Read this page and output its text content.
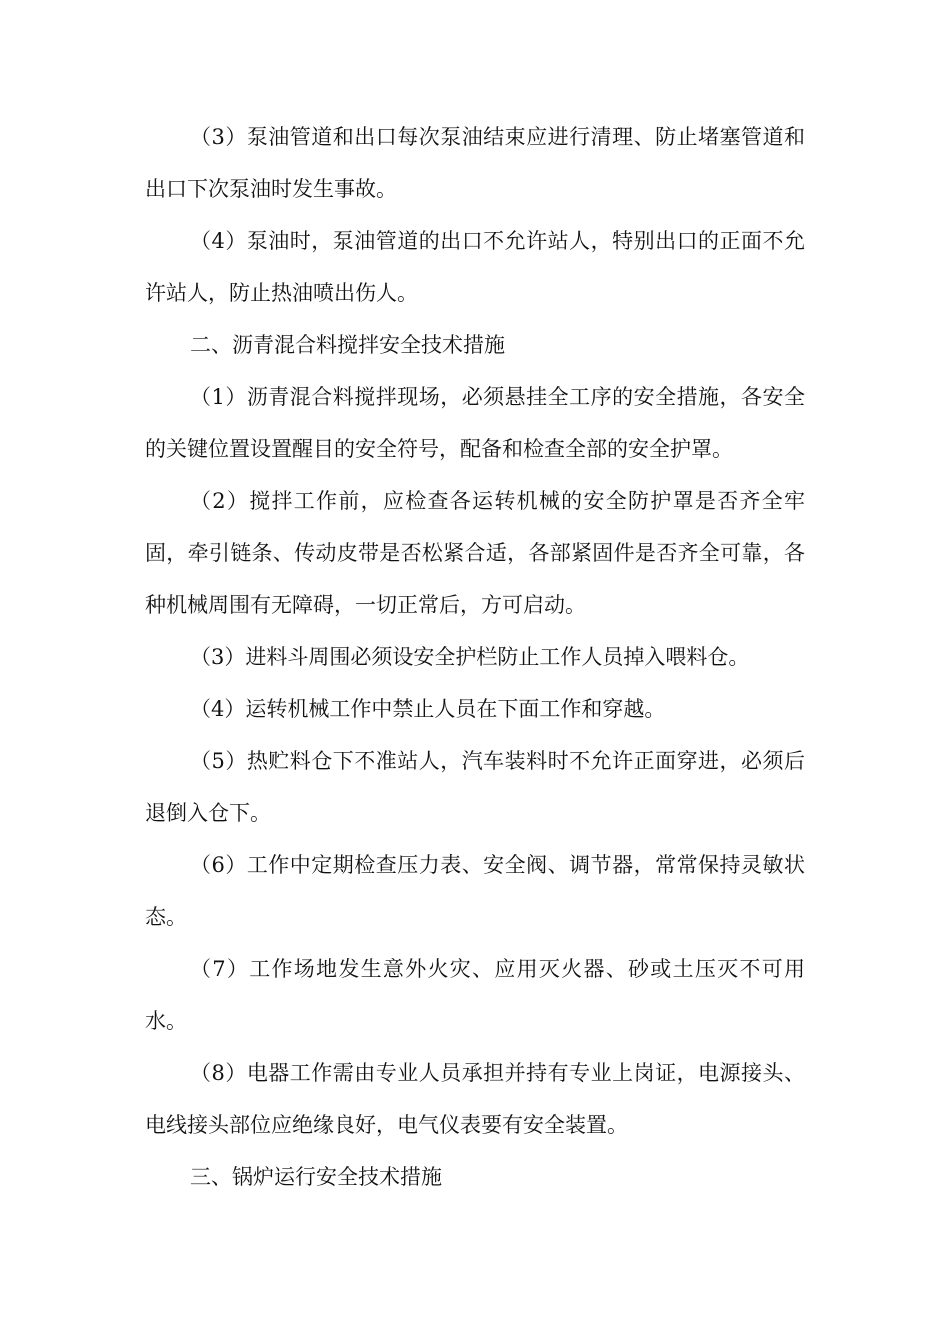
（3）泵油管道和出口每次泵油结束应进行清理、防止堵塞管道和出口下次泵油时发生事故。

（4）泵油时，泵油管道的出口不允许站人，特别出口的正面不允许站人，防止热油喷出伤人。

二、沥青混合料搅拌安全技术措施

（1）沥青混合料搅拌现场，必须悬挂全工序的安全措施，各安全的关键位置设置醒目的安全符号，配备和检查全部的安全护罩。

（2）搅拌工作前，应检查各运转机械的安全防护罩是否齐全牢固，牵引链条、传动皮带是否松紧合适，各部紧固件是否齐全可靠，各种机械周围有无障碍，一切正常后，方可启动。

（3）进料斗周围必须设安全护栏防止工作人员掉入喂料仓。

（4）运转机械工作中禁止人员在下面工作和穿越。

（5）热贮料仓下不准站人，汽车装料时不允许正面穿进，必须后退倒入仓下。

（6）工作中定期检查压力表、安全阀、调节器，常常保持灵敏状态。

（7）工作场地发生意外火灾、应用灭火器、砂或土压灭不可用水。

（8）电器工作需由专业人员承担并持有专业上岗证，电源接头、电线接头部位应绝缘良好，电气仪表要有安全装置。

三、锅炉运行安全技术措施
